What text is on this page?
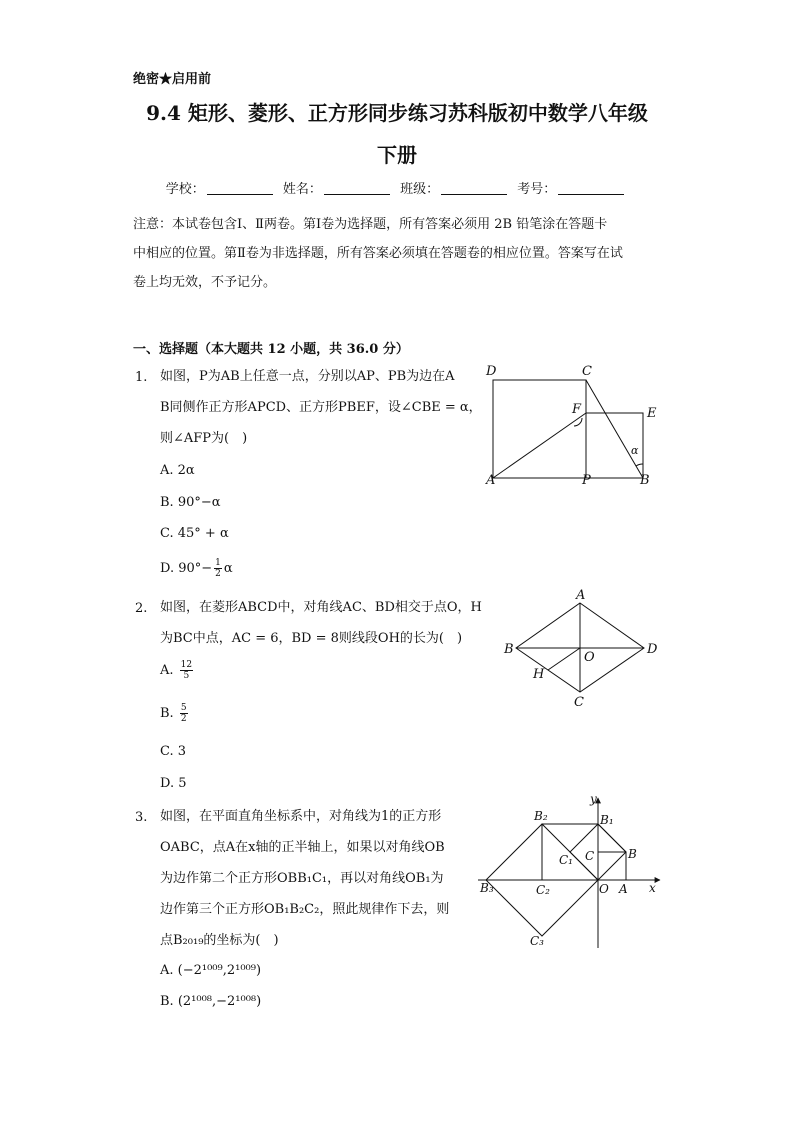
绝密★启用前
9.4 矩形、菱形、正方形同步练习苏科版初中数学八年级
下册
学校：	姓名：	班级：	考号：
注意：本试卷包含Ⅰ、Ⅱ两卷。第Ⅰ卷为选择题，所有答案必须用 2B 铅笔涂在答题卡
中相应的位置。第Ⅱ卷为非选择题，所有答案必须填在答题卷的相应位置。答案写在试
卷上均无效，不予记分。
一、选择题（本大题共 12 小题，共 36.0 分）
1. 如图，P为AB上任意一点，分别以AP、PB为边在A
B同侧作正方形APCD、正方形PBEF，设∠CBE = α，
则∠AFP为(　)
A. 2α
B. 90°−α
C. 45° + α
D. $90^\circ- \frac{1}{2}$ α
D	C
E
F
A	P	B
α
2. 如图，在菱形ABCD中，对角线AC、BD相交于点O，H
为BC中点，AC = 6，BD = 8则线段OH的长为(　)
A. $\frac{12}{5}$
B. $\frac{5}{2}$
C. 3
D. 5
A
B	D
O
H
C
3. 如图，在平面直角坐标系中，对角线为1的正方形
OABC，点A在x轴的正半轴上，如果以对角线OB
为边作第二个正方形OBB₁C₁，再以对角线OB₁为
边作第三个正方形OB₁B₂C₂，照此规律作下去，则
点B₂₀₁₉的坐标为(　)
A. (−2¹⁰⁰⁹,2¹⁰⁰⁹)
B. (2¹⁰⁰⁸,−2¹⁰⁰⁸)
y
x
B₂	B₁
C₁ C	B
B₃	C₂	O A
C₃
